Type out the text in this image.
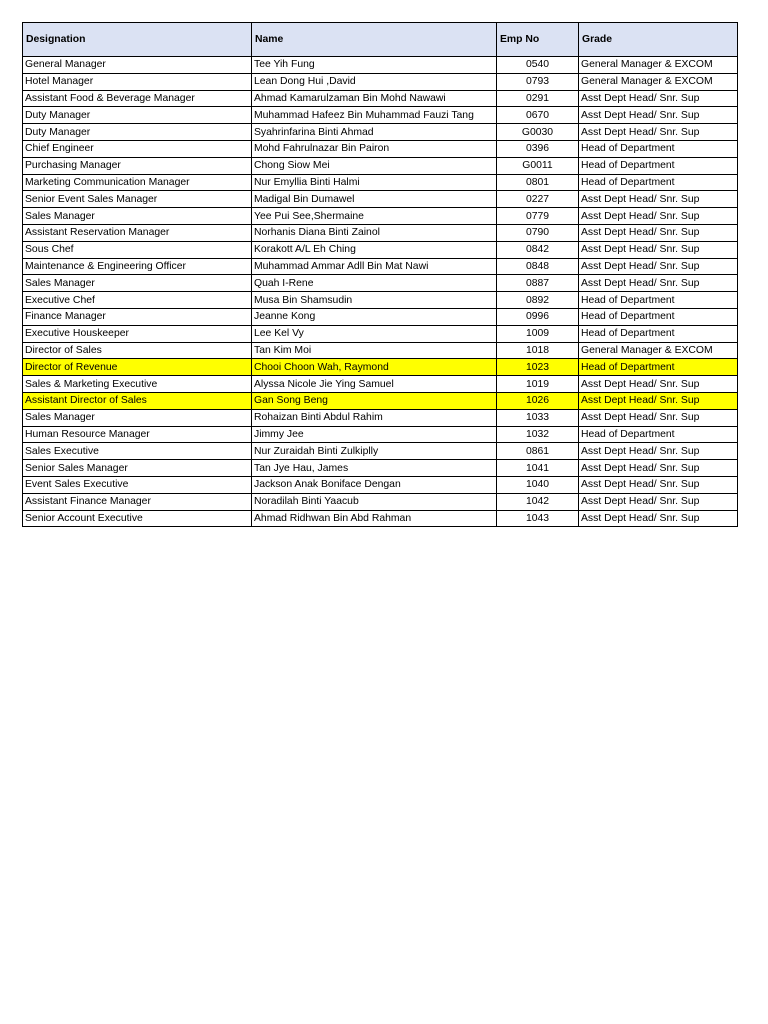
Designation	Name	Emp No	Grade
General Manager	Tee Yih Fung	0540	General Manager & EXCOM
Hotel Manager	Lean Dong Hui ,David	0793	General Manager & EXCOM
Assistant Food & Beverage Manager	Ahmad Kamarulzaman Bin Mohd Nawawi	0291	Asst Dept Head/ Snr. Sup
Duty Manager	Muhammad Hafeez Bin Muhammad Fauzi Tang	0670	Asst Dept Head/ Snr. Sup
Duty Manager	Syahrinfarina Binti Ahmad	G0030	Asst Dept Head/ Snr. Sup
Chief Engineer	Mohd Fahrulnazar Bin Pairon	0396	Head of Department
Purchasing Manager	Chong Siow Mei	G0011	Head of Department
Marketing Communication Manager	Nur Emyllia Binti Halmi	0801	Head of Department
Senior Event Sales Manager	Madigal Bin Dumawel	0227	Asst Dept Head/ Snr. Sup
Sales Manager	Yee Pui See,Shermaine	0779	Asst Dept Head/ Snr. Sup
Assistant Reservation Manager	Norhanis Diana Binti Zainol	0790	Asst Dept Head/ Snr. Sup
Sous Chef	Korakott A/L Eh Ching	0842	Asst Dept Head/ Snr. Sup
Maintenance & Engineering Officer	Muhammad Ammar Adll Bin Mat Nawi	0848	Asst Dept Head/ Snr. Sup
Sales Manager	Quah I-Rene	0887	Asst Dept Head/ Snr. Sup
Executive Chef	Musa Bin Shamsudin	0892	Head of Department
Finance Manager	Jeanne Kong	0996	Head of Department
Executive Houskeeper	Lee Kel Vy	1009	Head of Department
Director of Sales	Tan Kim Moi	1018	General Manager & EXCOM
Director of Revenue	Chooi Choon Wah, Raymond	1023	Head of Department
Sales & Marketing Executive	Alyssa Nicole Jie Ying Samuel	1019	Asst Dept Head/ Snr. Sup
Assistant Director of Sales	Gan Song Beng	1026	Asst Dept Head/ Snr. Sup
Sales Manager	Rohaizan Binti Abdul Rahim	1033	Asst Dept Head/ Snr. Sup
Human Resource Manager	Jimmy Jee	1032	Head of Department
Sales Executive	Nur Zuraidah Binti Zulkiplly	0861	Asst Dept Head/ Snr. Sup
Senior Sales Manager	Tan Jye Hau, James	1041	Asst Dept Head/ Snr. Sup
Event Sales Executive	Jackson Anak Boniface Dengan	1040	Asst Dept Head/ Snr. Sup
Assistant Finance Manager	Noradilah Binti Yaacub	1042	Asst Dept Head/ Snr. Sup
Senior Account Executive	Ahmad Ridhwan Bin Abd Rahman	1043	Asst Dept Head/ Snr. Sup
